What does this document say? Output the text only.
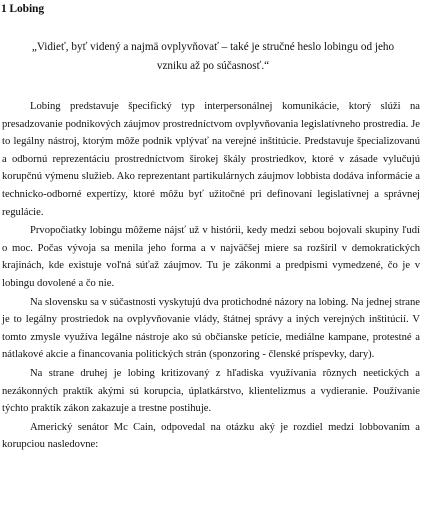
1 Lobing
„Vidieť, byť videný a najmä ovplyvňovať – také je stručné heslo lobingu od jeho vzniku až po súčasnosť.“

Lobing predstavuje špecifický typ interpersonálnej komunikácie, ktorý slúži na presadzovanie podnikových záujmov prostredníctvom ovplyvňovania legislatívneho prostredia. Je to legálny nástroj, ktorým môže podnik vplývať na verejné inštitúcie. Predstavuje špecializovanú a odbornú reprezentáciu prostredníctvom širokej škály prostriedkov, ktoré v zásade vylučujú korupčnú výmenu služieb. Ako reprezentant partikulárnych záujmov lobbista dodáva informácie a technicko-odborné expertízy, ktoré môžu byť užitočné pri definovaní legislatívnej a správnej regulácie.

Prvopočiatky lobingu môžeme nájsť už v histórii, kedy medzi sebou bojovali skupiny ľudí o moc. Počas vývoja sa menila jeho forma a v najväčšej miere sa rozšíril v demokratických krajinách, kde existuje voľná súťaž záujmov. Tu je zákonmi a predpismi vymedzené, čo je v lobingu dovolené a čo nie.

Na slovensku sa v súčastnosti vyskytujú dva protichodné názory na lobing. Na jednej strane je to legálny prostriedok na ovplyvňovanie vlády, štátnej správy a iných verejných inštitúcií. V tomto zmysle využíva legálne nástroje ako sú občianske petície, mediálne kampane, protestné a nátlakové akcie a financovania politických strán (sponzoring - členské príspevky, dary).

Na strane druhej je lobing kritizovaný z hľadiska využívania rôznych neetických a nezákonných praktík akými sú korupcia, úplatkárstvo, klientelizmus a vydieranie. Používanie týchto praktík zákon zakazuje a trestne postihuje.

Americký senátor Mc Cain, odpovedal na otázku aký je rozdiel medzi lobbovaním a korupciou nasledovne:
